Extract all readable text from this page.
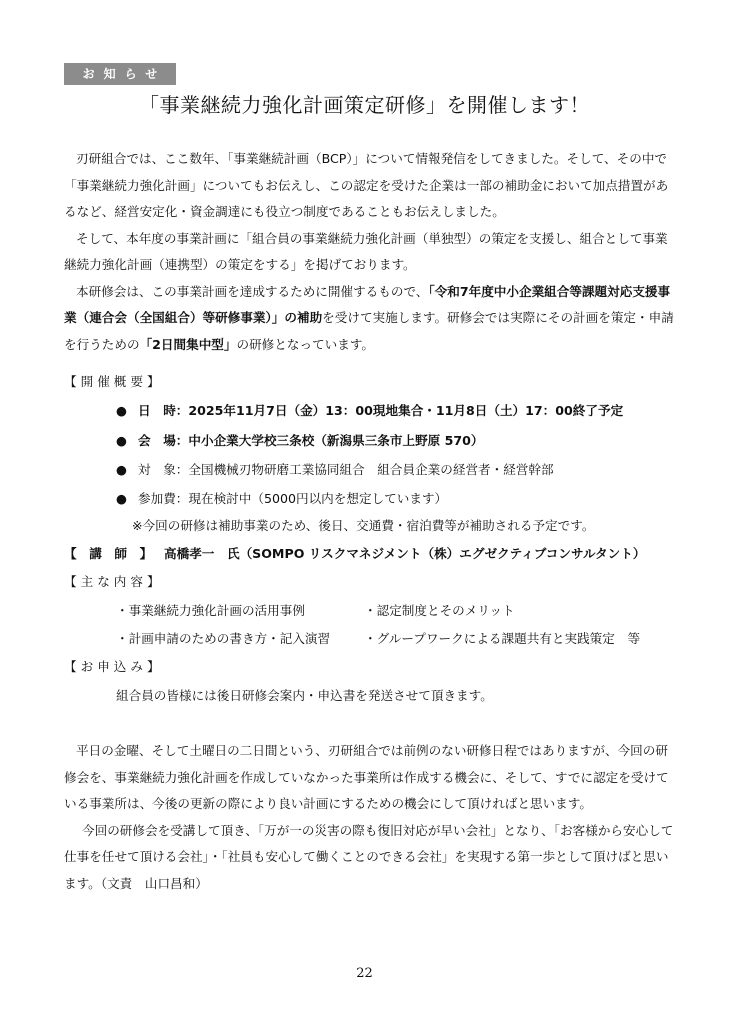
お知らせ
「事業継続力強化計画策定研修」を開催します！

刃研組合では、ここ数年、「事業継続計画（BCP）」について情報発信をしてきました。そして、その中で「事業継続力強化計画」についてもお伝えし、この認定を受けた企業は一部の補助金において加点措置があるなど、経営安定化・資金調達にも役立つ制度であることもお伝えしました。

そして、本年度の事業計画に「組合員の事業継続力強化計画（単独型）の策定を支援し、組合として事業継続力強化計画（連携型）の策定をする」を掲げております。

本研修会は、この事業計画を達成するために開催するもので、「令和7年度中小企業組合等課題対応支援事業（連合会（全国組合）等研修事業）」の補助を受けて実施します。研修会では実際にその計画を策定・申請を行うための「2日間集中型」の研修となっています。

【 開 催 概 要 】
● 日　時：2025年11月7日（金）13：00現地集合・11月8日（土）17：00終了予定
● 会　場：中小企業大学校三条校（新潟県三条市上野原 570）
● 対　象：全国機械刃物研磨工業協同組合　組合員企業の経営者・経営幹部
● 参加費：現在検討中（5000円以内を想定しています）
※今回の研修は補助事業のため、後日、交通費・宿泊費等が補助される予定です。
【　講　師　】 高橋孝一　氏（SOMPO リスクマネジメント（株）エグゼクティブコンサルタント）
【 主 な 内 容 】
・事業継続力強化計画の活用事例	・認定制度とそのメリット
・計画申請のための書き方・記入演習	・グループワークによる課題共有と実践策定　等
【 お 申 込 み 】
組合員の皆様には後日研修会案内・申込書を発送させて頂きます。

平日の金曜、そして土曜日の二日間という、刃研組合では前例のない研修日程ではありますが、今回の研修会を、事業継続力強化計画を作成していなかった事業所は作成する機会に、そして、すでに認定を受けている事業所は、今後の更新の際により良い計画にするための機会にして頂ければと思います。

今回の研修会を受講して頂き、「万が一の災害の際も復旧対応が早い会社」となり、「お客様から安心して仕事を任せて頂ける会社」・「社員も安心して働くことのできる会社」を実現する第一歩として頂けばと思います。（文責　山口昌和）

22
